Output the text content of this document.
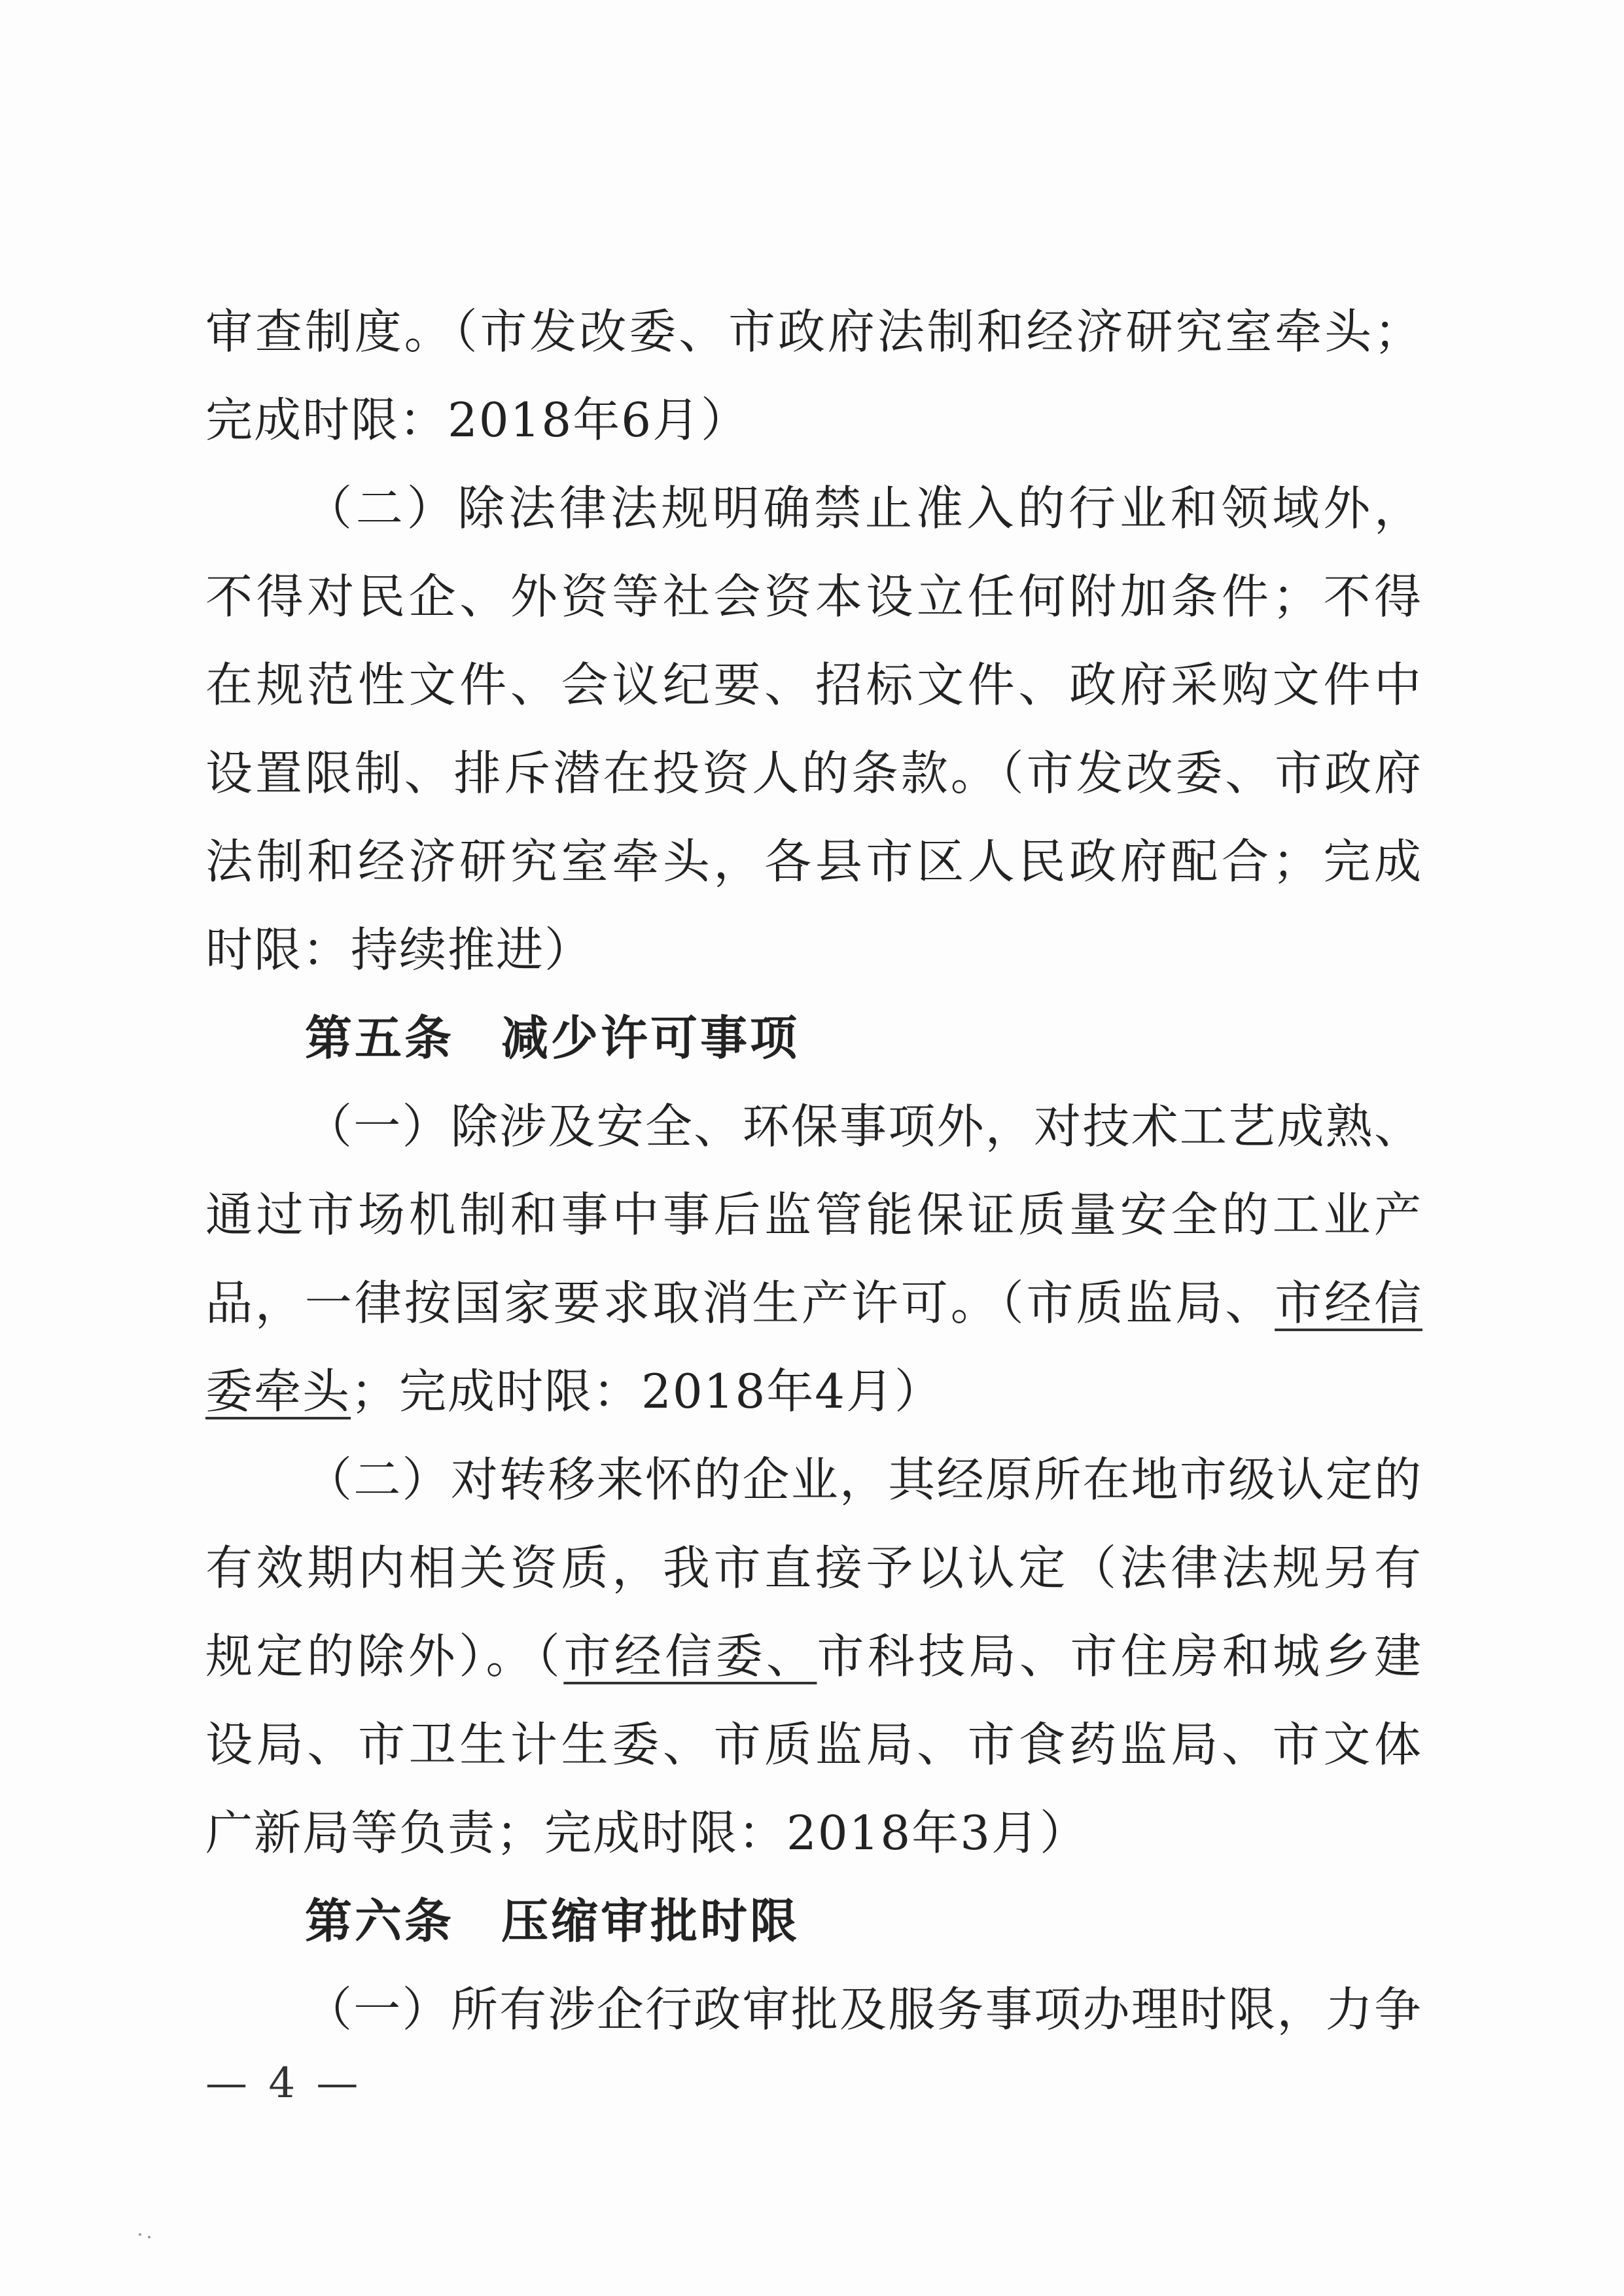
审查制度。（市发改委、市政府法制和经济研究室牵头；
完成时限：2018年6月）
（二）除法律法规明确禁止准入的行业和领域外，
不得对民企、外资等社会资本设立任何附加条件；不得
在规范性文件、会议纪要、招标文件、政府采购文件中
设置限制、排斥潜在投资人的条款。（市发改委、市政府
法制和经济研究室牵头，各县市区人民政府配合；完成
时限：持续推进）
第五条 减少许可事项
（一）除涉及安全、环保事项外，对技术工艺成熟、
通过市场机制和事中事后监管能保证质量安全的工业产
品，一律按国家要求取消生产许可。（市质监局、市经信
委牵头；完成时限：2018年4月）
（二）对转移来怀的企业，其经原所在地市级认定的
有效期内相关资质，我市直接予以认定（法律法规另有
规定的除外）。（市经信委、市科技局、市住房和城乡建
设局、市卫生计生委、市质监局、市食药监局、市文体
广新局等负责；完成时限：2018年3月）
第六条 压缩审批时限
（一）所有涉企行政审批及服务事项办理时限，力争
— 4 —
